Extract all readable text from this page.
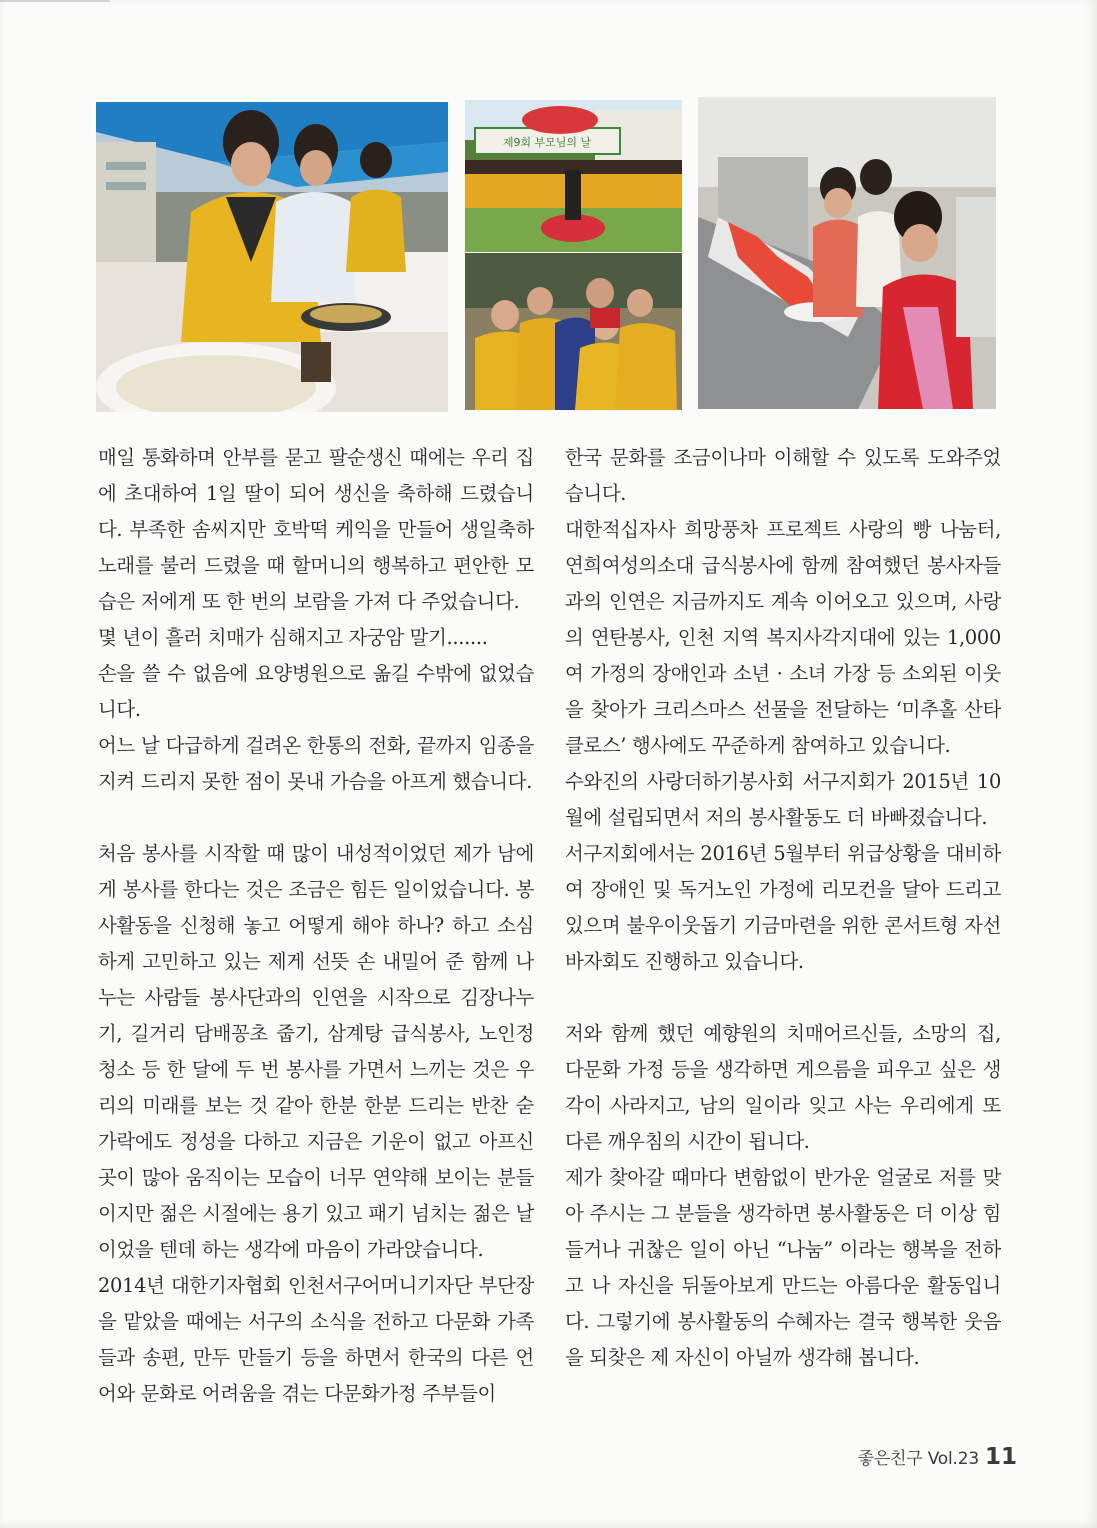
제9회 부모님의 날

매일 통화하며 안부를 묻고 팔순생신 때에는 우리 집에 초대하여 1일 딸이 되어 생신을 축하해 드렸습니다. 부족한 솜씨지만 호박떡 케익을 만들어 생일축하 노래를 불러 드렸을 때 할머니의 행복하고 편안한 모습은 저에게 또 한 번의 보람을 가져 다 주었습니다.

몇 년이 흘러 치매가 심해지고 자궁암 말기.......

손을 쓸 수 없음에 요양병원으로 옮길 수밖에 없었습니다.

어느 날 다급하게 걸려온 한통의 전화, 끝까지 임종을 지켜 드리지 못한 점이 못내 가슴을 아프게 했습니다.

처음 봉사를 시작할 때 많이 내성적이었던 제가 남에게 봉사를 한다는 것은 조금은 힘든 일이었습니다. 봉사활동을 신청해 놓고 어떻게 해야 하나? 하고 소심하게 고민하고 있는 제게 선뜻 손 내밀어 준 함께 나누는 사람들 봉사단과의 인연을 시작으로 김장나누기, 길거리 담배꽁초 줍기, 삼계탕 급식봉사, 노인정 청소 등 한 달에 두 번 봉사를 가면서 느끼는 것은 우리의 미래를 보는 것 같아 한분 한분 드리는 반찬 숟가락에도 정성을 다하고 지금은 기운이 없고 아프신 곳이 많아 움직이는 모습이 너무 연약해 보이는 분들이지만 젊은 시절에는 용기 있고 패기 넘치는 젊은 날 이었을 텐데 하는 생각에 마음이 가라앉습니다.

2014년 대한기자협회 인천서구어머니기자단 부단장을 맡았을 때에는 서구의 소식을 전하고 다문화 가족들과 송편, 만두 만들기 등을 하면서 한국의 다른 언어와 문화로 어려움을 겪는 다문화가정 주부들이

한국 문화를 조금이나마 이해할 수 있도록 도와주었습니다.

대한적십자사 희망풍차 프로젝트 사랑의 빵 나눔터, 연희여성의소대 급식봉사에 함께 참여했던 봉사자들과의 인연은 지금까지도 계속 이어오고 있으며, 사랑의 연탄봉사, 인천 지역 복지사각지대에 있는 1,000여 가정의 장애인과 소년 · 소녀 가장 등 소외된 이웃을 찾아가 크리스마스 선물을 전달하는 ‘미추홀 산타클로스’ 행사에도 꾸준하게 참여하고 있습니다.

수와진의 사랑더하기봉사회 서구지회가 2015년 10월에 설립되면서 저의 봉사활동도 더 바빠졌습니다.

서구지회에서는 2016년 5월부터 위급상황을 대비하여 장애인 및 독거노인 가정에 리모컨을 달아 드리고 있으며 불우이웃돕기 기금마련을 위한 콘서트형 자선바자회도 진행하고 있습니다.

저와 함께 했던 예향원의 치매어르신들, 소망의 집, 다문화 가정 등을 생각하면 게으름을 피우고 싶은 생각이 사라지고, 남의 일이라 잊고 사는 우리에게 또 다른 깨우침의 시간이 됩니다.

제가 찾아갈 때마다 변함없이 반가운 얼굴로 저를 맞아 주시는 그 분들을 생각하면 봉사활동은 더 이상 힘들거나 귀찮은 일이 아닌 “나눔” 이라는 행복을 전하고 나 자신을 뒤돌아보게 만드는 아름다운 활동입니다. 그렇기에 봉사활동의 수혜자는 결국 행복한 웃음을 되찾은 제 자신이 아닐까 생각해 봅니다.

좋은친구 Vol.23 11
